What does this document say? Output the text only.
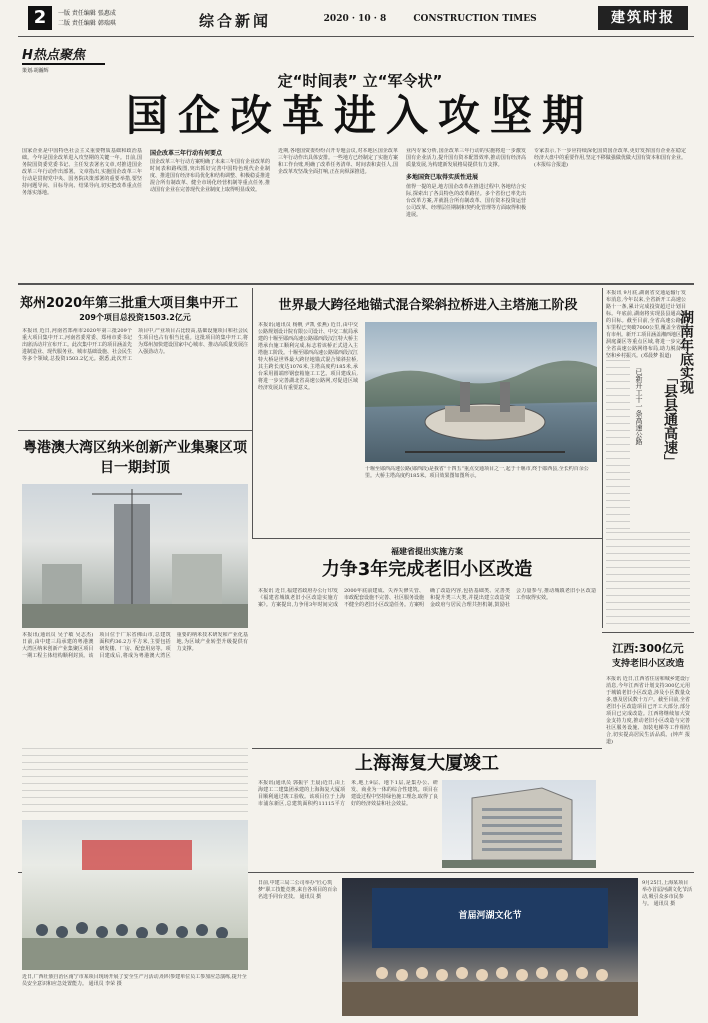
2	一版 责任编辑 張惠成
二版 责任编辑 韩瑞琪	综合新闻	2020 · 10 · 8	CONSTRUCTION TIMES	建筑时报
H热点聚焦
策划:胡瀚辉
定“时间表” 立“军令状”
国企改革进入攻坚期
国家企业是中国特色社会主义重要物质基础和政治基础。今年是国企改革进入攻坚期的关键一年。日前,国务院国资委党委书记、主任发表署名文章,对推进国企改革三年行动作出部署。文章指出,实施国企改革三年行动是贯彻党中央、国务院决策部署的重要举措,要坚持问题导向、目标导向、结果导向,切实把改革重点任务落实落地。
国企改革三年行动有何要点
国企改革三年行动方案明确了未来三年国有企业改革的时间表和路线图,突出抓好完善中国特色现代企业制度、推进国有经济布局优化和结构调整、积极稳妥推进混合所有制改革、健全市场化经营机制等重点任务,推动国有企业在完善现代企业制度上取得明显成效。
近期,各地国资委纷纷召开专题会议,对本地区国企改革三年行动作出具体安排。一些地方已经制定了实施方案和工作台账,明确了改革任务清单、时间表和责任人,国企改革攻坚战全面打响,正在向纵深推进。
业内专家分析,国企改革三年行动的实施将进一步激发国有企业活力,提升国有资本配置效率,推动国有经济高质量发展,为构建新发展格局提供有力支撑。
多地国资已取得实质性进展
值得一提的是,地方国企改革在推进过程中,各地结合实际,探索出了各具特色的改革路径。多个省份已率先出台改革方案,并就混合所有制改革、国有资本投资运营公司改革、经理层任期制和契约化管理等方面取得积极进展。
专家表示,下一步应持续深化国资国企改革,更好发挥国有企业在稳定经济大盘中的重要作用,坚定不移做强做优做大国有资本和国有企业。(本报综合报道)
郑州2020年第三批重大项目集中开工
209个项目总投资1503.2亿元
本报讯 近日,河南省郑州市2020年第三批209个重大项目集中开工,河南省委常委、郑州市委书记出席活动并宣布开工。此次集中开工的项目涵盖先进制造业、现代服务业、城市基础设施、社会民生等多个领域,总投资1503.2亿元。据悉,此次开工项目中,产业项目占比较高,基础设施项目和社会民生项目也占有相当比重。这批项目的集中开工,将为郑州加快建设国家中心城市、推动高质量发展注入强劲动力。
世界最大跨径地锚式混合梁斜拉桥进入主塔施工阶段
本报讯(通讯员 杨帆 尹凯 张燕) 近日,由中交公路规划设计院有限公司设计、中交二航局承建的十堰至郧西高速公路郧西段汉江特大桥主塔承台施工顺利完成,标志着该桥正式进入主塔施工阶段。十堰至郧西高速公路郧西段汉江特大桥是世界最大跨径地锚式混合梁斜拉桥,其主跨长度达1076米,主塔高度约185米,承台采用圆端形钢套箱施工工艺。项目建成后,将进一步完善湖北省高速公路网,对促进区域经济发展具有重要意义。
十堰至郧西高速公路(郧西段)是我省“十四五”重点交通项目之一,起于十堰市,终于郧西县,全长约百余公里。大桥主塔高度约185米。项目效果图如图所示。
本报讯 9月底,湖南省交通运输厅发布消息,今年以来,全省新开工高速公路十一条,累计完成投资超过计划目标。年底前,湖南将实现县县通高速的目标。截至目前,全省高速公路通车里程已突破7000公里,覆盖全省所有市州。新开工项目涵盖湘西地区、洞庭湖区等重点区域,将进一步完善全省高速公路网络布局,助力脱贫攻坚和乡村振兴。(邓晨梦 报道) 湖南年底实现
「县县通高速」
已新开工十一条高速公路
粤港澳大湾区纳米创新产业集聚区项目一期封顶
福建省提出实施方案
力争3年完成老旧小区改造
本报讯 近日,福建省政府办公厅印发《福建省城镇老旧小区改造实施方案》。方案提出,力争用3年时间完成2000年底前建成、失养失修失管、市政配套设施不完善、社区服务设施不健全的老旧小区改造任务。方案明确了改造内容,包括基础类、完善类和提升类三大类,并提出建立改造资金政府与居民合理共担机制,鼓励社会力量参与,推动城镇老旧小区改造工作取得实效。
本报讯(通讯员 吴子敏 吴志杰) 日前,由中建三局承建的粤港澳大湾区纳米创新产业集聚区项目一期工程主体结构顺利封顶。该项目位于广东省佛山市,总建筑面积约36.2万平方米,主要包括研发楼、厂房、配套用房等。项目建成后,将成为粤港澳大湾区重要的纳米技术研发和产业化基地,为区域产业转型升级提供有力支撑。	江西:300亿元
支持老旧小区改造
本报讯 近日,江西省住房和城乡建设厅消息,今年江西省计划支持300亿元用于城镇老旧小区改造,涉及小区数量众多,惠及居民数十万户。截至目前,全省老旧小区改造项目已开工大部分,部分项目已完成改造。江西将继续加大资金支持力度,推动老旧小区改造与完善社区服务设施、加装电梯等工作相结合,切实提高居民生活品质。(钟声 报道)
上海海复大厦竣工
本报讯(通讯员 郭振宇 王晨)近日,由上海建工二建集团承建的上海海复大厦项目顺利通过竣工验收。该项目位于上海市浦东新区,总建筑面积约11115平方米,地上9层、地下1层,是集办公、研发、商业为一体的综合性建筑。项目在建设过程中坚持绿色施工理念,取得了良好的经济效益和社会效益。
近日,广西壮族自治区南宁市某项目现场开展了安全生产月活动,组织参建单位员工参加应急演练,提升全员安全意识和应急处置能力。 通讯员 李荣 摄
日前,中建三局二公司举办“匠心筑梦”职工技能竞赛,来自各项目的百余名选手同台竞技。 通讯员 摄
首届河湖文化节
9月25日,上海某项目举办首届河湖文化节活动,吸引众多市民参与。 通讯员 摄
